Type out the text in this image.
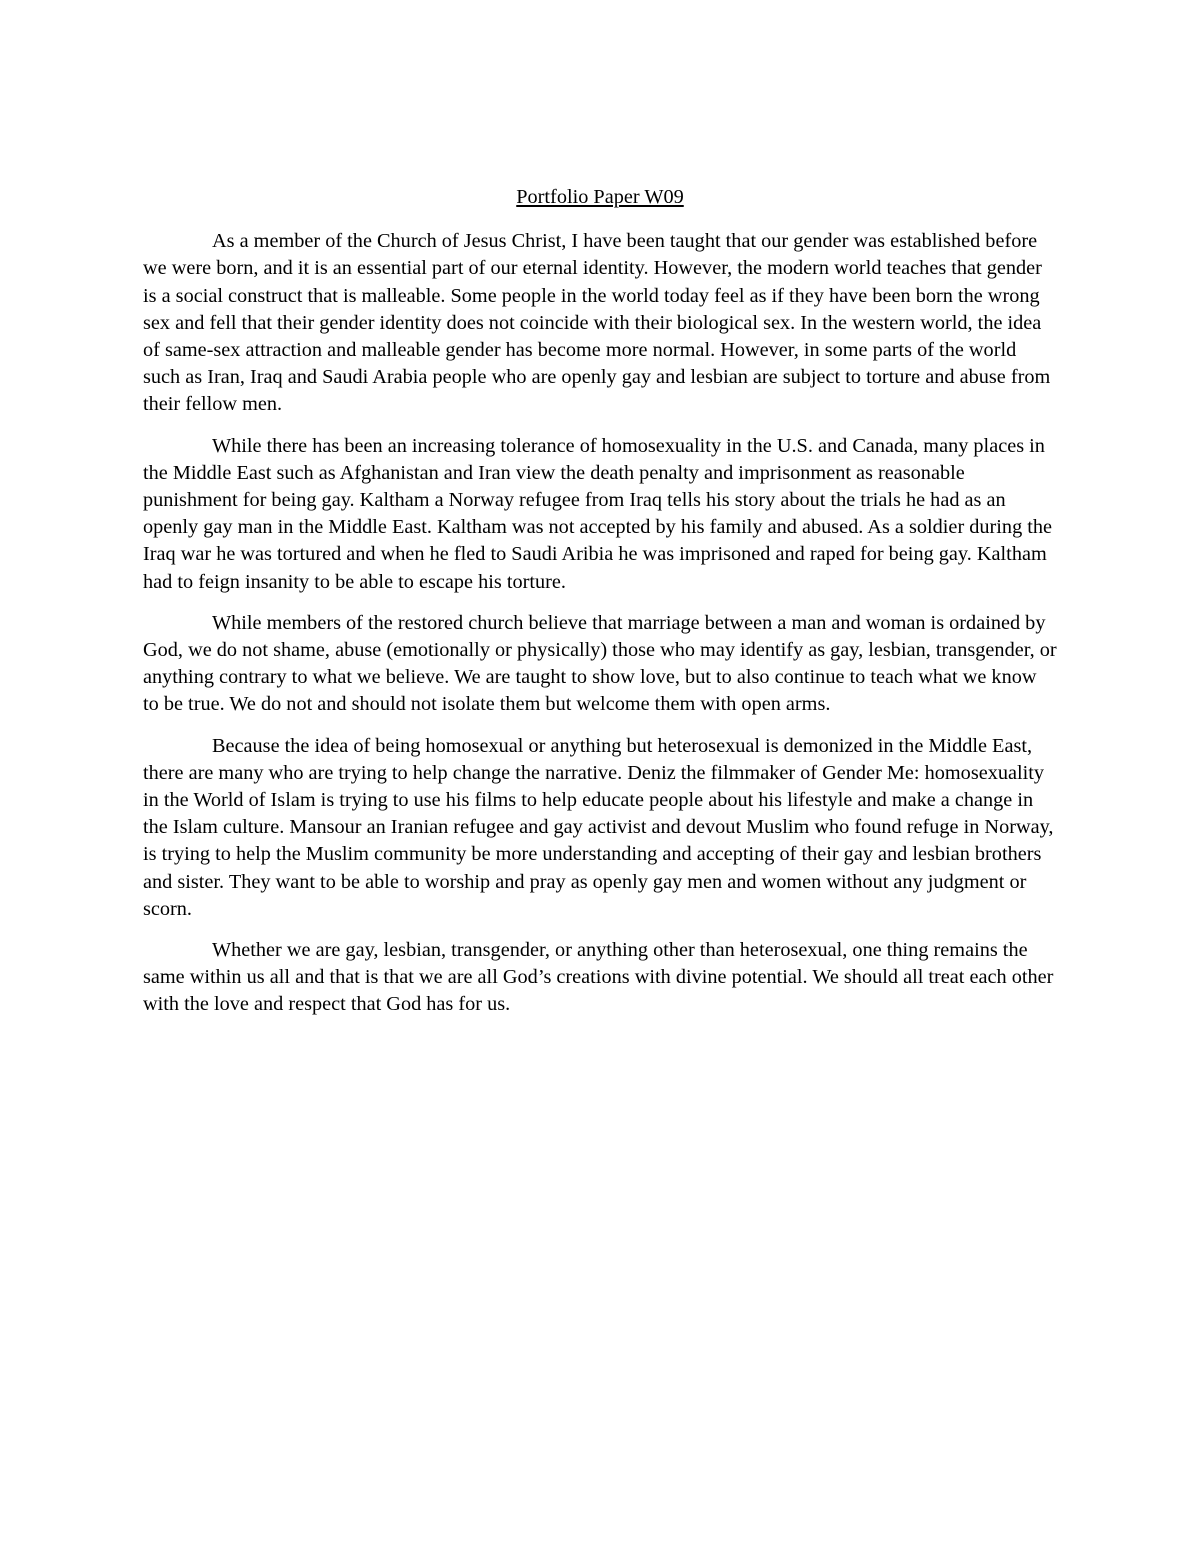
Portfolio Paper W09

As a member of the Church of Jesus Christ, I have been taught that our gender was established before we were born, and it is an essential part of our eternal identity. However, the modern world teaches that gender is a social construct that is malleable. Some people in the world today feel as if they have been born the wrong sex and fell that their gender identity does not coincide with their biological sex. In the western world, the idea of same-sex attraction and malleable gender has become more normal. However, in some parts of the world such as Iran, Iraq and Saudi Arabia people who are openly gay and lesbian are subject to torture and abuse from their fellow men.

While there has been an increasing tolerance of homosexuality in the U.S. and Canada, many places in the Middle East such as Afghanistan and Iran view the death penalty and imprisonment as reasonable punishment for being gay. Kaltham a Norway refugee from Iraq tells his story about the trials he had as an openly gay man in the Middle East. Kaltham was not accepted by his family and abused. As a soldier during the Iraq war he was tortured and when he fled to Saudi Aribia he was imprisoned and raped for being gay. Kaltham had to feign insanity to be able to escape his torture.

While members of the restored church believe that marriage between a man and woman is ordained by God, we do not shame, abuse (emotionally or physically) those who may identify as gay, lesbian, transgender, or anything contrary to what we believe. We are taught to show love, but to also continue to teach what we know to be true. We do not and should not isolate them but welcome them with open arms.

Because the idea of being homosexual or anything but heterosexual is demonized in the Middle East, there are many who are trying to help change the narrative. Deniz the filmmaker of Gender Me: homosexuality in the World of Islam is trying to use his films to help educate people about his lifestyle and make a change in the Islam culture. Mansour an Iranian refugee and gay activist and devout Muslim who found refuge in Norway, is trying to help the Muslim community be more understanding and accepting of their gay and lesbian brothers and sister. They want to be able to worship and pray as openly gay men and women without any judgment or scorn.

Whether we are gay, lesbian, transgender, or anything other than heterosexual, one thing remains the same within us all and that is that we are all God’s creations with divine potential. We should all treat each other with the love and respect that God has for us.
